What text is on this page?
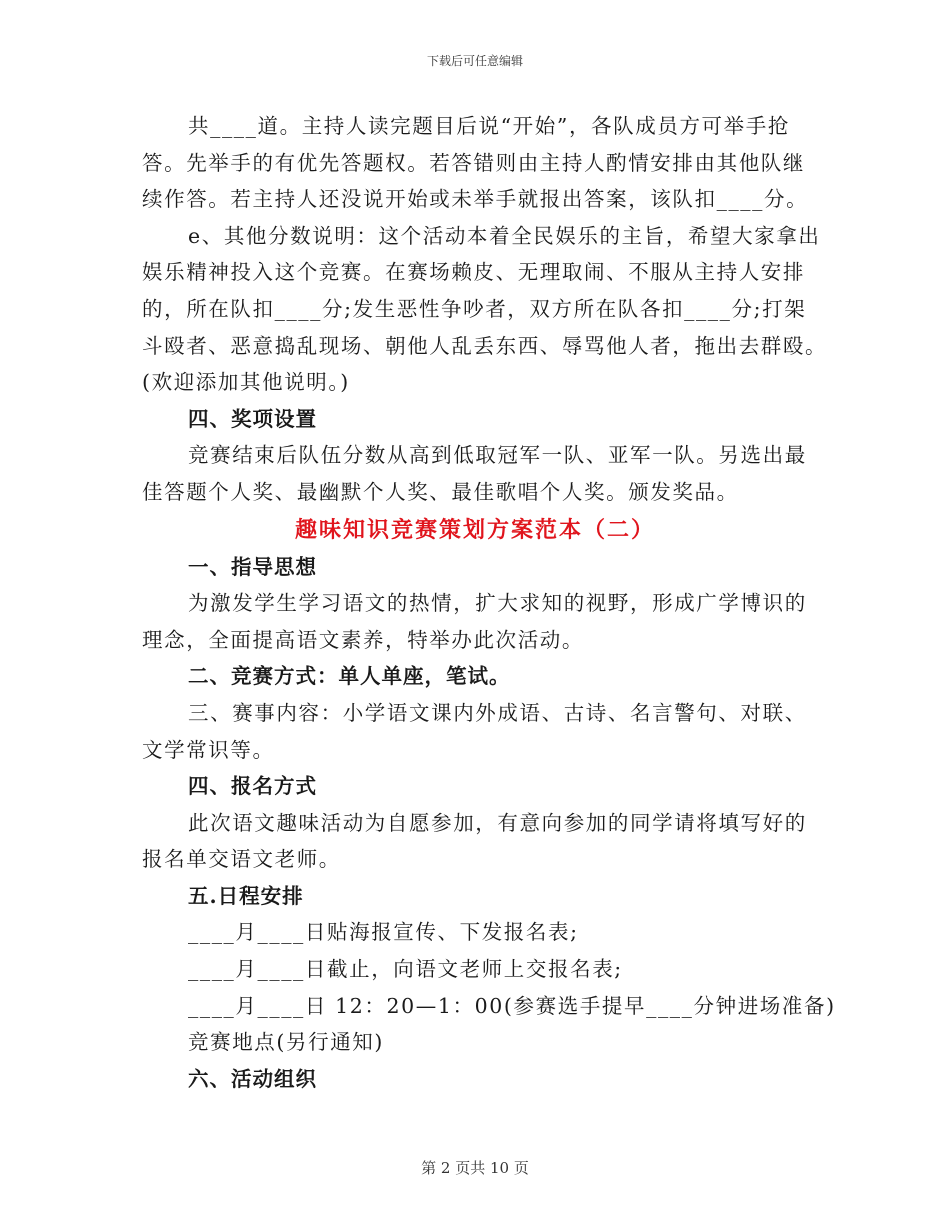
下载后可任意编辑
共____道。主持人读完题目后说“开始”，各队成员方可举手抢
答。先举手的有优先答题权。若答错则由主持人酌情安排由其他队继
续作答。若主持人还没说开始或未举手就报出答案，该队扣____分。
e、其他分数说明：这个活动本着全民娱乐的主旨，希望大家拿出
娱乐精神投入这个竞赛。在赛场赖皮、无理取闹、不服从主持人安排
的，所在队扣____分;发生恶性争吵者，双方所在队各扣____分;打架
斗殴者、恶意捣乱现场、朝他人乱丢东西、辱骂他人者，拖出去群殴。
(欢迎添加其他说明。)
四、奖项设置
竞赛结束后队伍分数从高到低取冠军一队、亚军一队。另选出最
佳答题个人奖、最幽默个人奖、最佳歌唱个人奖。颁发奖品。
趣味知识竞赛策划方案范本（二）
一、指导思想
为激发学生学习语文的热情，扩大求知的视野，形成广学博识的
理念，全面提高语文素养，特举办此次活动。
二、竞赛方式：单人单座，笔试。
三、赛事内容：小学语文课内外成语、古诗、名言警句、对联、
文学常识等。
四、报名方式
此次语文趣味活动为自愿参加，有意向参加的同学请将填写好的
报名单交语文老师。
五.日程安排
____月____日贴海报宣传、下发报名表;
____月____日截止，向语文老师上交报名表;
____月____日 12：20—1：00(参赛选手提早____分钟进场准备)
竞赛地点(另行通知)
六、活动组织
第 2 页共 10 页
